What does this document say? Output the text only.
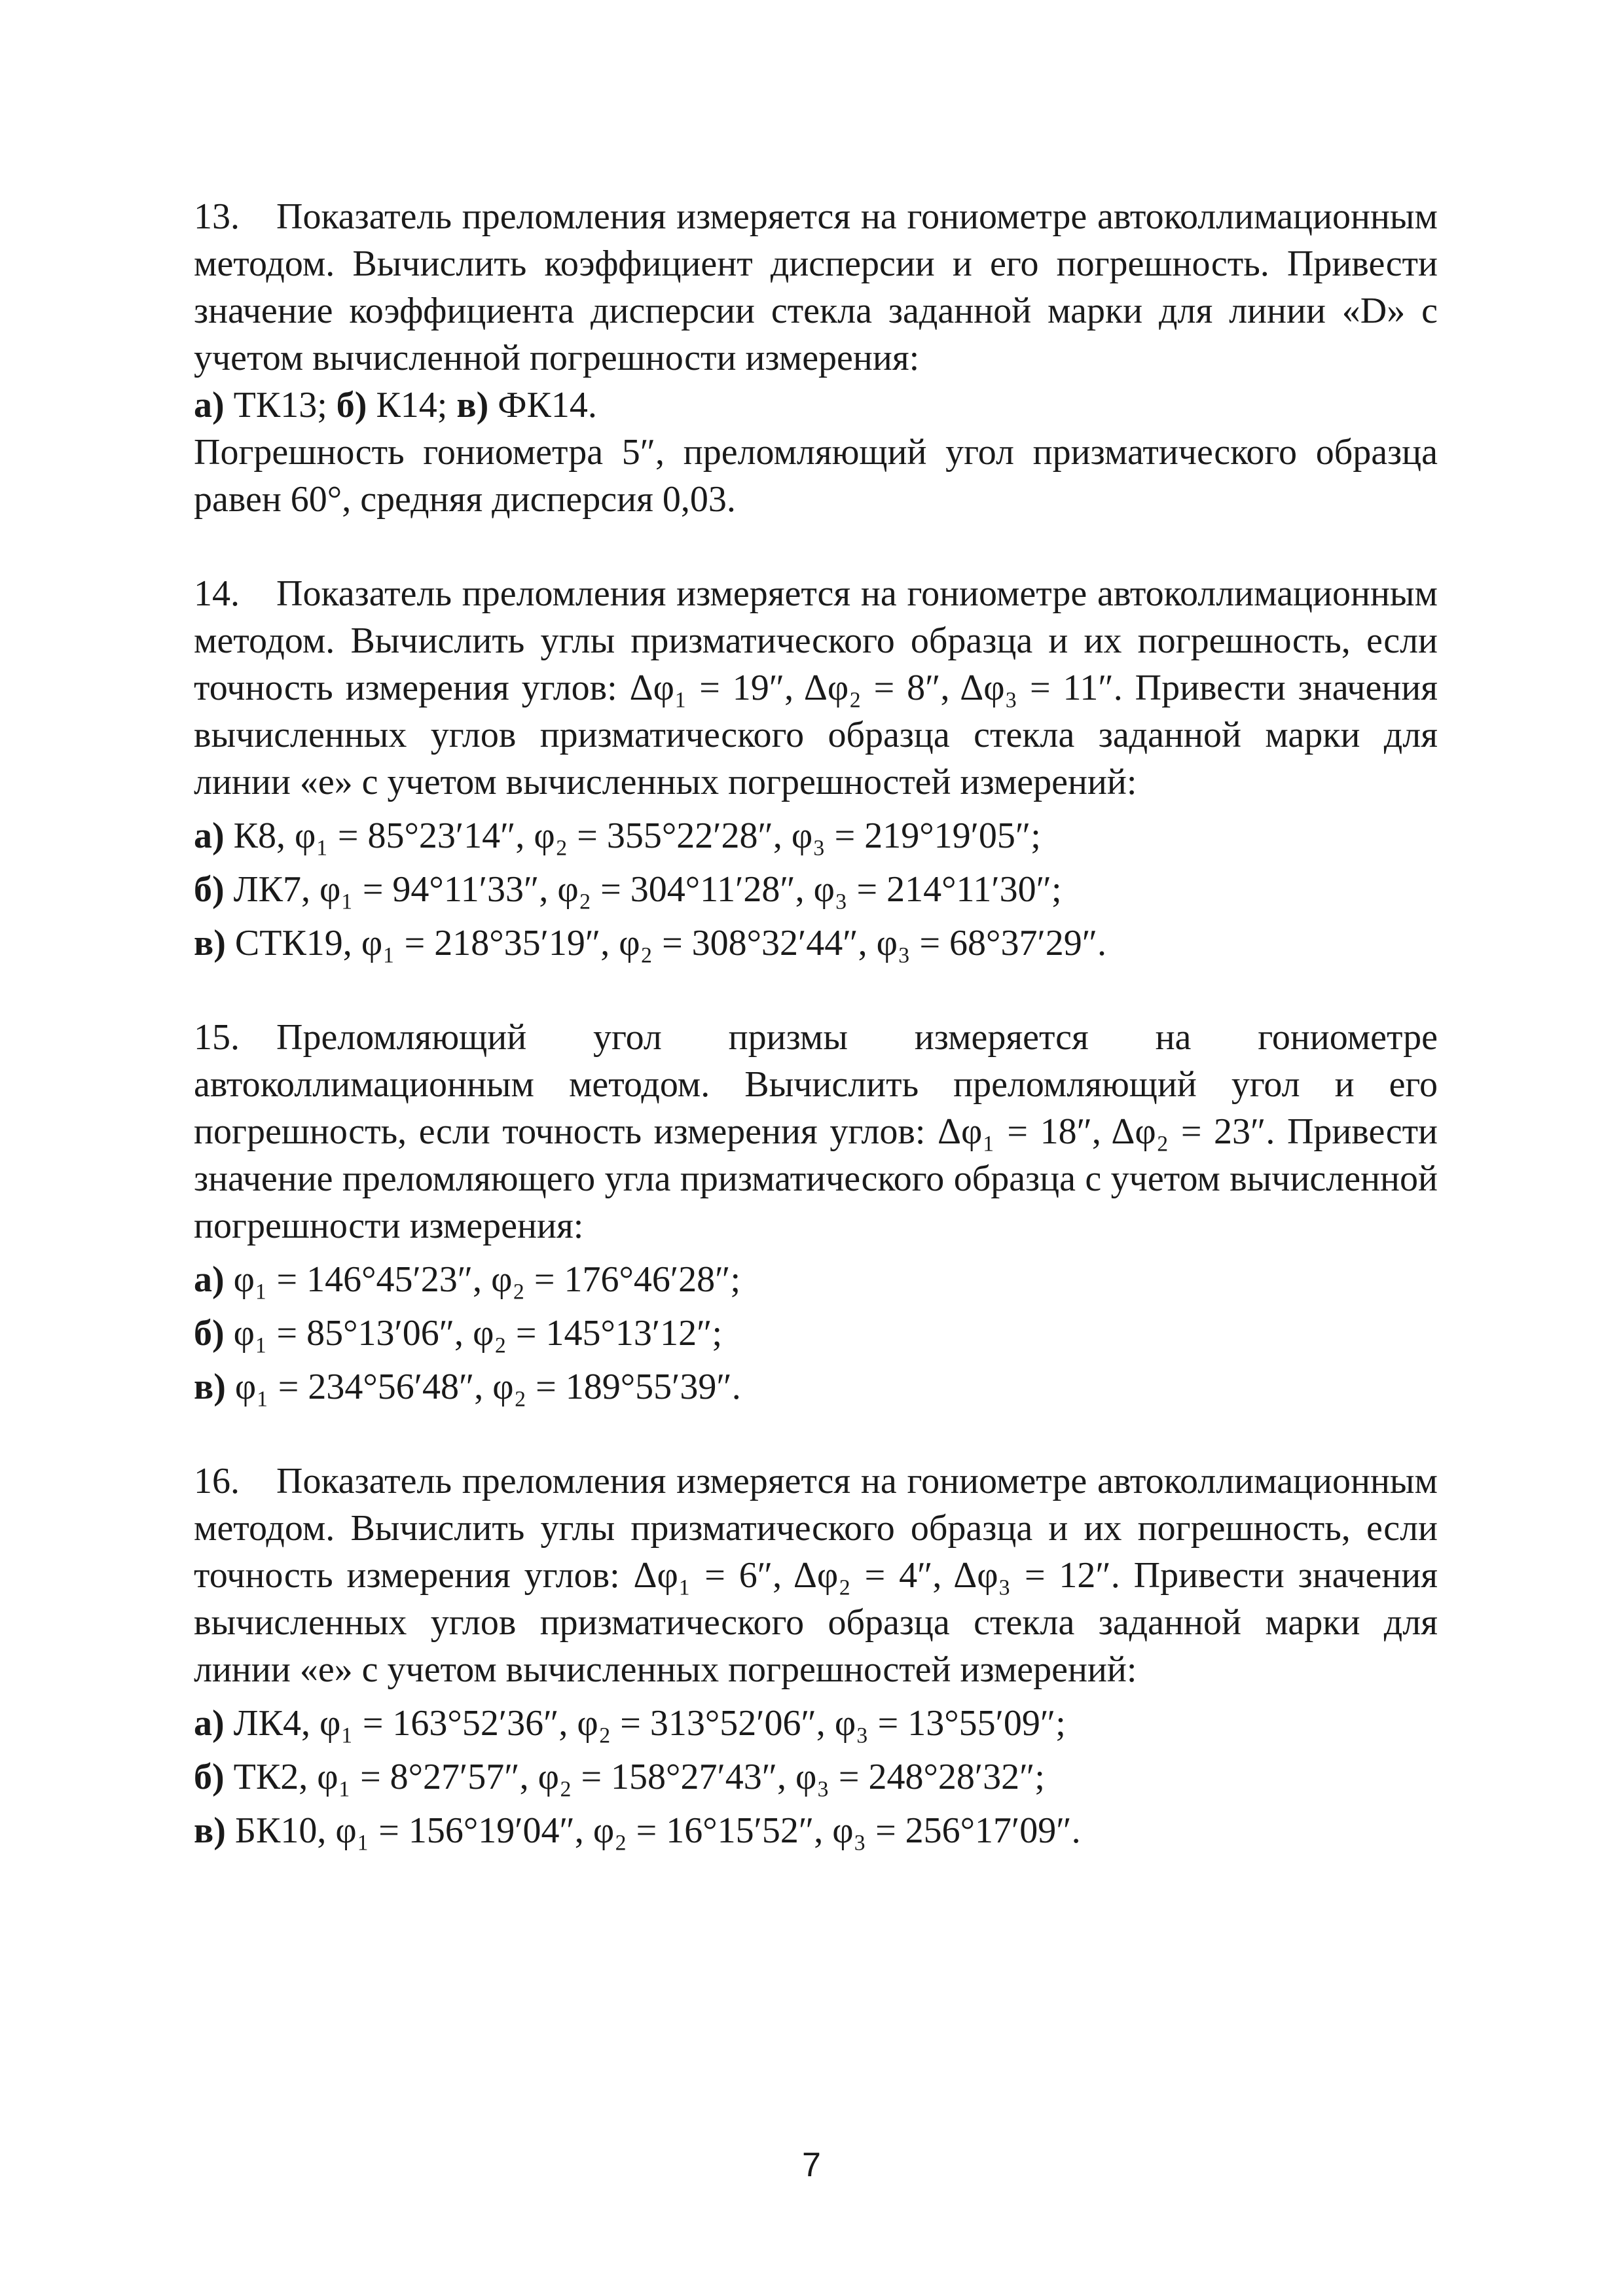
13. Показатель преломления измеряется на гониометре автоколлимационным методом. Вычислить коэффициент дисперсии и его погрешность. Привести значение коэффициента дисперсии стекла заданной марки для линии «D» с учетом вычисленной погрешности измерения:

а) ТК13; б) К14; в) ФК14.

Погрешность гониометра 5″, преломляющий угол призматического образца равен 60°, средняя дисперсия 0,03.

14. Показатель преломления измеряется на гониометре автоколлимационным методом. Вычислить углы призматического образца и их погрешность, если точность измерения углов: Δφ₁ = 19″, Δφ₂ = 8″, Δφ₃ = 11″. Привести значения вычисленных углов призматического образца стекла заданной марки для линии «e» с учетом вычисленных погрешностей измерений:

а) К8, φ₁ = 85°23′14″, φ₂ = 355°22′28″, φ₃ = 219°19′05″;

б) ЛК7, φ₁ = 94°11′33″, φ₂ = 304°11′28″, φ₃ = 214°11′30″;

в) СТК19, φ₁ = 218°35′19″, φ₂ = 308°32′44″, φ₃ = 68°37′29″.

15. Преломляющий угол призмы измеряется на гониометре автоколлимационным методом. Вычислить преломляющий угол и его погрешность, если точность измерения углов: Δφ₁ = 18″, Δφ₂ = 23″. Привести значение преломляющего угла призматического образца с учетом вычисленной погрешности измерения:

а) φ₁ = 146°45′23″, φ₂ = 176°46′28″;

б) φ₁ = 85°13′06″, φ₂ = 145°13′12″;

в) φ₁ = 234°56′48″, φ₂ = 189°55′39″.

16. Показатель преломления измеряется на гониометре автоколлимационным методом. Вычислить углы призматического образца и их погрешность, если точность измерения углов: Δφ₁ = 6″, Δφ₂ = 4″, Δφ₃ = 12″. Привести значения вычисленных углов призматического образца стекла заданной марки для линии «e» с учетом вычисленных погрешностей измерений:

а) ЛК4, φ₁ = 163°52′36″, φ₂ = 313°52′06″, φ₃ = 13°55′09″;

б) ТК2, φ₁ = 8°27′57″, φ₂ = 158°27′43″, φ₃ = 248°28′32″;

в) БК10, φ₁ = 156°19′04″, φ₂ = 16°15′52″, φ₃ = 256°17′09″.

7
